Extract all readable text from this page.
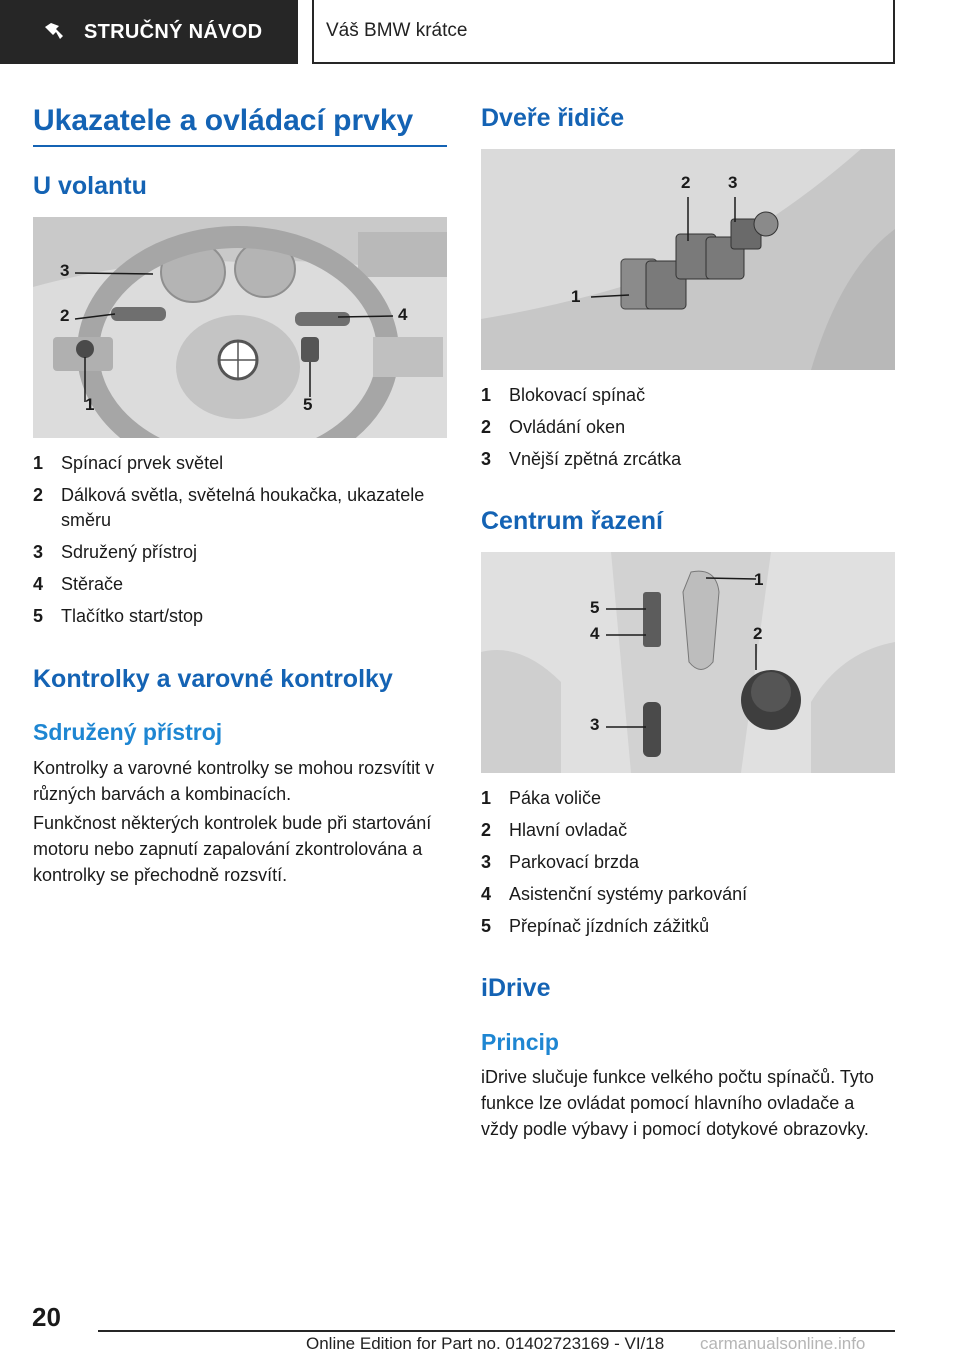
STRUČNÝ NÁVOD	Váš BMW krátce
Ukazatele a ovládací prvky
U volantu
1
2
3
4
5
1 Spínací prvek světel
2 Dálková světla, světelná houkačka, ukazatele směru
3 Sdružený přístroj
4 Stěrače
5 Tlačítko start/stop
Kontrolky a varovné kontrolky
Sdružený přístroj

Kontrolky a varovné kontrolky se mohou rozsvítit v různých barvách a kombinacích.

Funkčnost některých kontrolek bude při startování motoru nebo zapnutí zapalování zkontrolována a kontrolky se přechodně rozsvítí.

Dveře řidiče
1
2 3
1 Blokovací spínač
2 Ovládání oken
3 Vnější zpětná zrcátka
Centrum řazení
1
2
3
4
5
1 Páka voliče
2 Hlavní ovladač
3 Parkovací brzda
4 Asistenční systémy parkování
5 Přepínač jízdních zážitků
iDrive
Princip

iDrive slučuje funkce velkého počtu spínačů. Tyto funkce lze ovládat pomocí hlavního ovladače a vždy podle výbavy i pomocí dotykové obrazovky.

20
Online Edition for Part no. 01402723169 - VI/18 carmanualsonline.info
